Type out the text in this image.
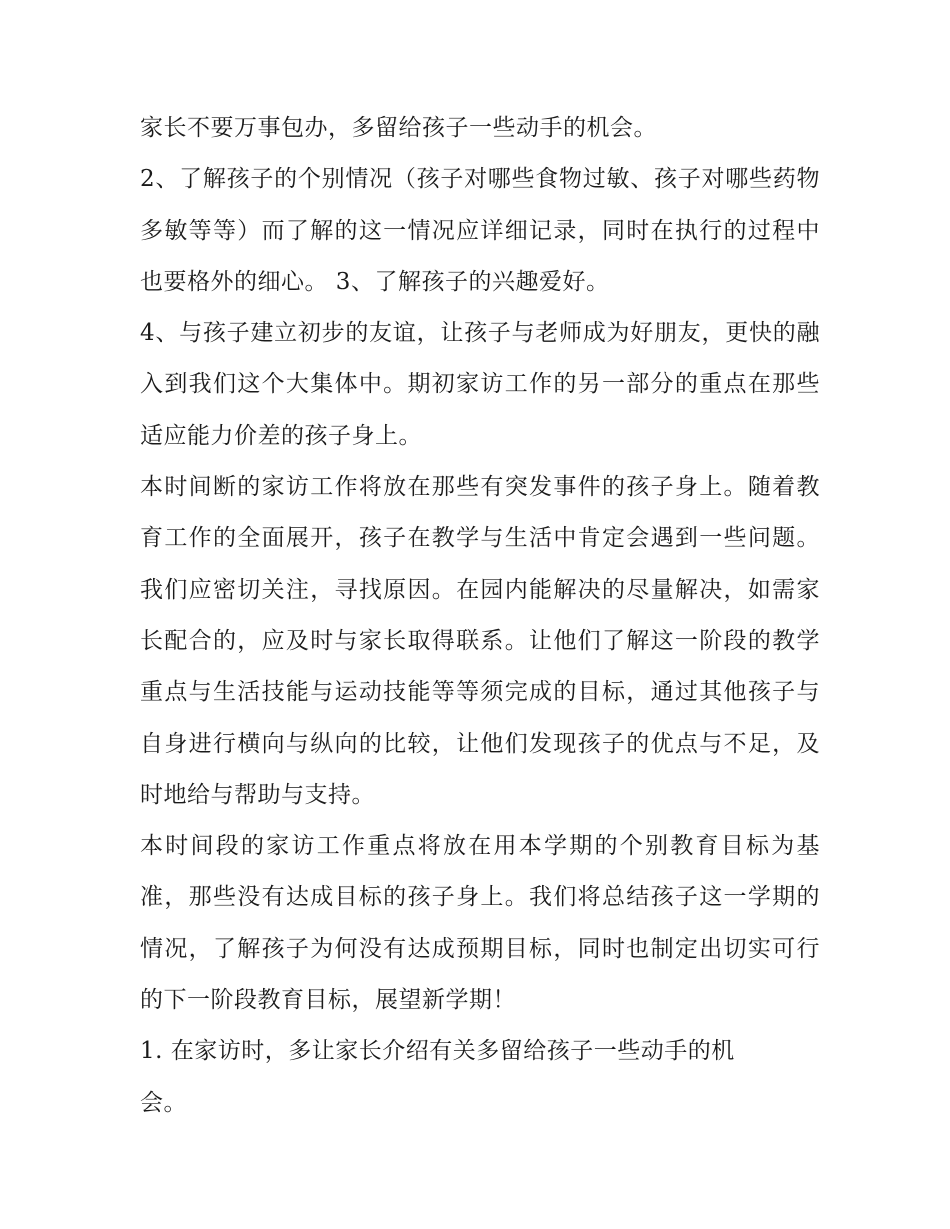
家长不要万事包办，多留给孩子一些动手的机会。

2、了解孩子的个别情况（孩子对哪些食物过敏、孩子对哪些药物多敏等等）而了解的这一情况应详细记录，同时在执行的过程中也要格外的细心。 3、了解孩子的兴趣爱好。

4、与孩子建立初步的友谊，让孩子与老师成为好朋友，更快的融入到我们这个大集体中。期初家访工作的另一部分的重点在那些适应能力价差的孩子身上。

本时间断的家访工作将放在那些有突发事件的孩子身上。随着教育工作的全面展开，孩子在教学与生活中肯定会遇到一些问题。我们应密切关注，寻找原因。在园内能解决的尽量解决，如需家长配合的，应及时与家长取得联系。让他们了解这一阶段的教学重点与生活技能与运动技能等等须完成的目标，通过其他孩子与自身进行横向与纵向的比较，让他们发现孩子的优点与不足，及时地给与帮助与支持。

本时间段的家访工作重点将放在用本学期的个别教育目标为基准，那些没有达成目标的孩子身上。我们将总结孩子这一学期的情况，了解孩子为何没有达成预期目标，同时也制定出切实可行的下一阶段教育目标，展望新学期！

1. 在家访时，多让家长介绍有关多留给孩子一些动手的机会。
